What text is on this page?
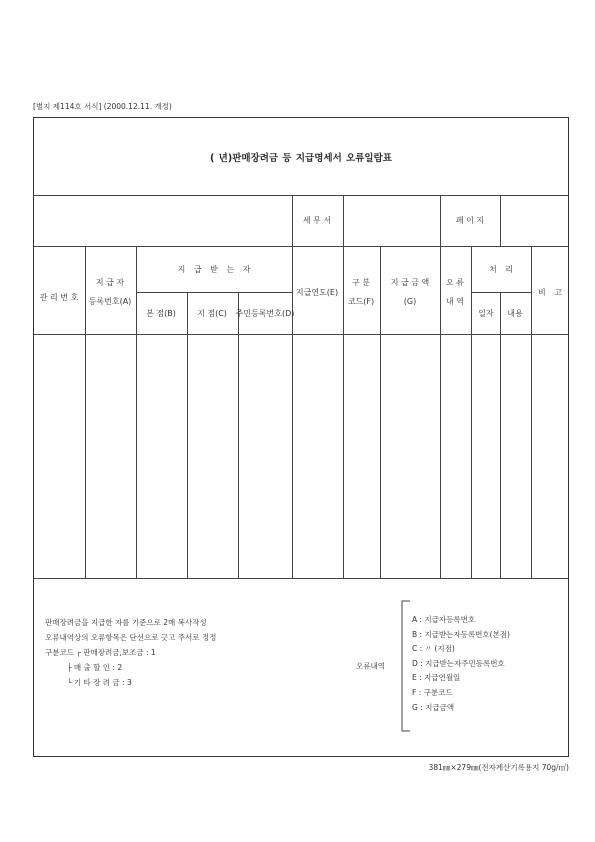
[별지 제114호 서식] (2000.12.11. 개정)
( 년)판매장려금 등 지급명세서 오류일람표
세 무 서	페 이 지
관 리 번 호
지 급 자
등록번호(A)
지 급 받 는 자
본 점(B)	지 점(C) 주민등록번호(D)
지급연도(E)
구 분
코드(F)
지 급 금 액
(G)
오 류
내 역
처 리
일자 내용
비 고
판매장려금을 지급한 자를 기준으로 2매 복사작성
오류내역상의 오류항목은 단선으로 긋고 주서로 정정
구분코드 ┌ 판매장려금,보조금 : 1
├ 매 출 할 인 : 2
└ 기 타 장 려 금 : 3
오류내역
A : 지급자등록번호
B : 지급받는자등록번호(본점)
C : 〃 (지점)
D : 지급받는자주민등록번호
E : 지급연월일
F : 구분코드
G : 지급금액
381㎜×279㎜(전자계산기록용지 70g/㎡)
